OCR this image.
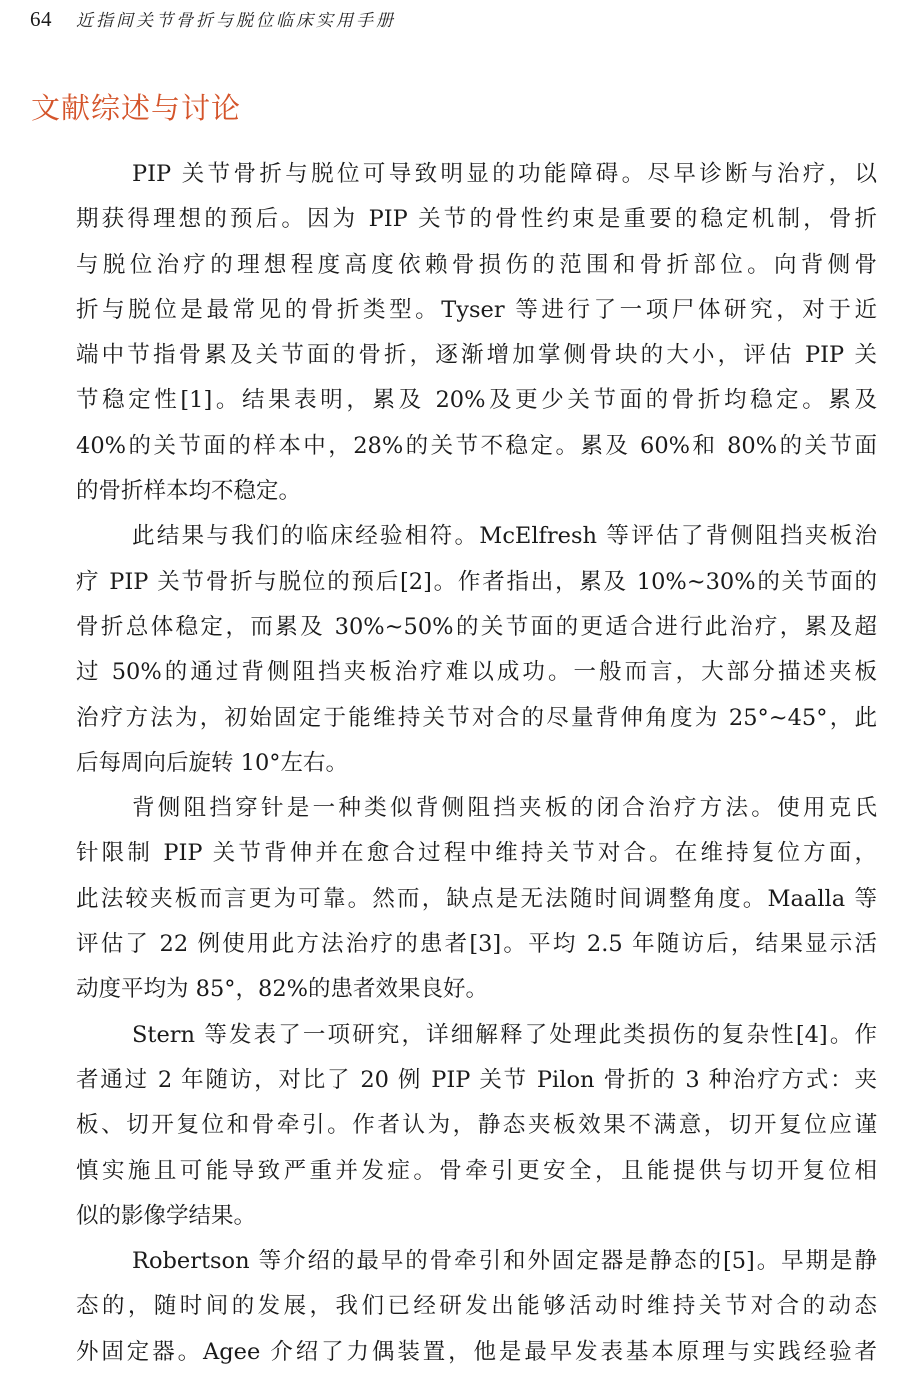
64 近指间关节骨折与脱位临床实用手册
文献综述与讨论
PIP 关节骨折与脱位可导致明显的功能障碍。尽早诊断与治疗，以
期获得理想的预后。因为 PIP 关节的骨性约束是重要的稳定机制，骨折
与脱位治疗的理想程度高度依赖骨损伤的范围和骨折部位。向背侧骨
折与脱位是最常见的骨折类型。Tyser 等进行了一项尸体研究，对于近
端中节指骨累及关节面的骨折，逐渐增加掌侧骨块的大小，评估 PIP 关
节稳定性[1]。结果表明，累及 20%及更少关节面的骨折均稳定。累及
40%的关节面的样本中，28%的关节不稳定。累及 60%和 80%的关节面
的骨折样本均不稳定。
此结果与我们的临床经验相符。McElfresh 等评估了背侧阻挡夹板治
疗 PIP 关节骨折与脱位的预后[2]。作者指出，累及 10%~30%的关节面的
骨折总体稳定，而累及 30%~50%的关节面的更适合进行此治疗，累及超
过 50%的通过背侧阻挡夹板治疗难以成功。一般而言，大部分描述夹板
治疗方法为，初始固定于能维持关节对合的尽量背伸角度为 25°~45°，此
后每周向后旋转 10°左右。
背侧阻挡穿针是一种类似背侧阻挡夹板的闭合治疗方法。使用克氏
针限制 PIP 关节背伸并在愈合过程中维持关节对合。在维持复位方面，
此法较夹板而言更为可靠。然而，缺点是无法随时间调整角度。Maalla 等
评估了 22 例使用此方法治疗的患者[3]。平均 2.5 年随访后，结果显示活
动度平均为 85°，82%的患者效果良好。
Stern 等发表了一项研究，详细解释了处理此类损伤的复杂性[4]。作
者通过 2 年随访，对比了 20 例 PIP 关节 Pilon 骨折的 3 种治疗方式：夹
板、切开复位和骨牵引。作者认为，静态夹板效果不满意，切开复位应谨
慎实施且可能导致严重并发症。骨牵引更安全，且能提供与切开复位相
似的影像学结果。
Robertson 等介绍的最早的骨牵引和外固定器是静态的[5]。早期是静
态的，随时间的发展，我们已经研发出能够活动时维持关节对合的动态
外固定器。Agee 介绍了力偶装置，他是最早发表基本原理与实践经验者
